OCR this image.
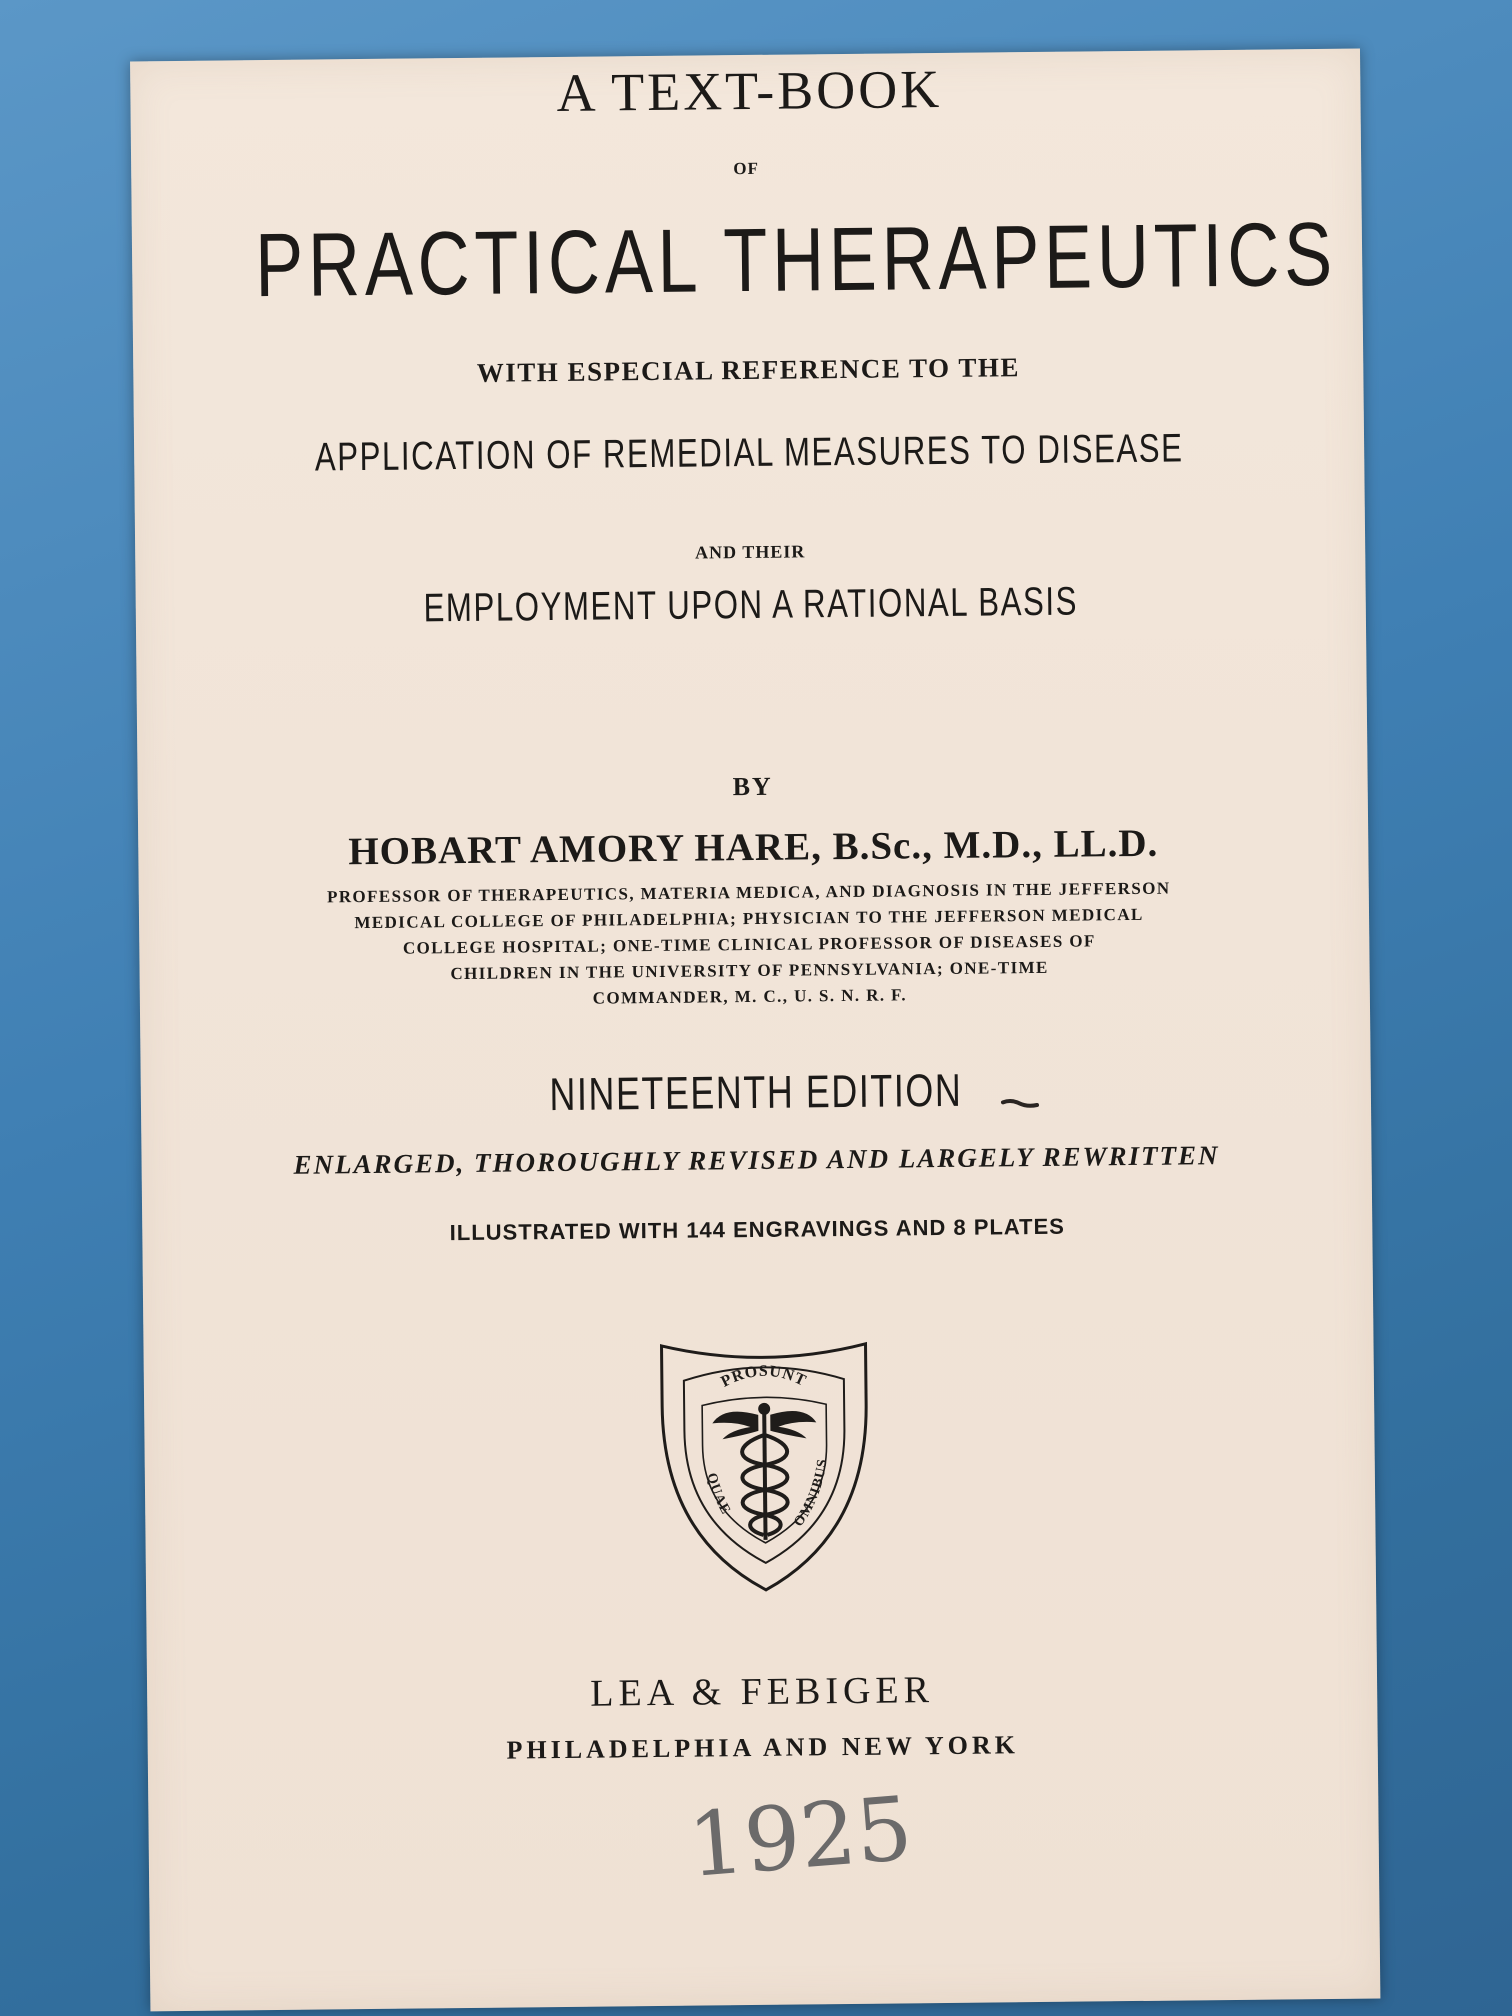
A TEXT-BOOK
OF
PRACTICAL THERAPEUTICS
WITH ESPECIAL REFERENCE TO THE
APPLICATION OF REMEDIAL MEASURES TO DISEASE
AND THEIR
EMPLOYMENT UPON A RATIONAL BASIS
BY
HOBART AMORY HARE, B.Sc., M.D., LL.D.
PROFESSOR OF THERAPEUTICS, MATERIA MEDICA, AND DIAGNOSIS IN THE JEFFERSON
MEDICAL COLLEGE OF PHILADELPHIA; PHYSICIAN TO THE JEFFERSON MEDICAL
COLLEGE HOSPITAL; ONE-TIME CLINICAL PROFESSOR OF DISEASES OF
CHILDREN IN THE UNIVERSITY OF PENNSYLVANIA; ONE-TIME
COMMANDER, M. C., U. S. N. R. F.
NINETEENTH EDITION
ENLARGED, THOROUGHLY REVISED AND LARGELY REWRITTEN
ILLUSTRATED WITH 144 ENGRAVINGS AND 8 PLATES
PROSUNT
QUAE
OMNIBUS
LEA & FEBIGER
PHILADELPHIA AND NEW YORK
1925
